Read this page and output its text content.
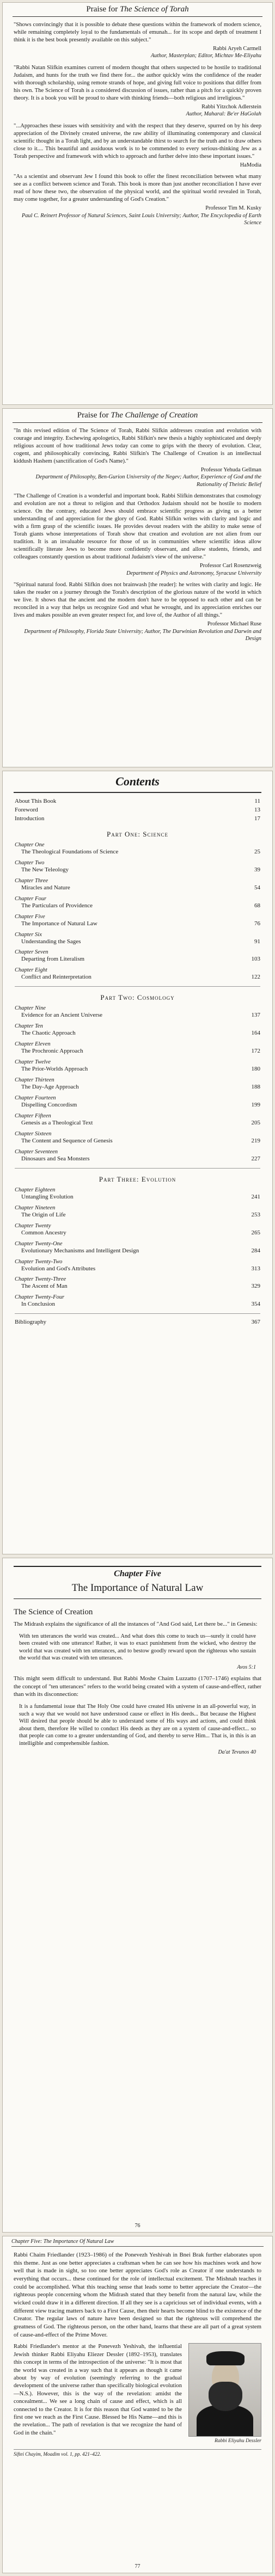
Praise for The Science of Torah

"Shows convincingly that it is possible to debate these questions within the framework of modern science, while remaining completely loyal to the fundamentals of emunah... for its scope and depth of treatment I think it is the best book presently available on this subject."

Rabbi Aryeh Carmell
Author, Masterplan; Editor, Michtav Me-Eliyahu

"Rabbi Natan Slifkin examines current of modern thought that others suspected to be hostile to traditional Judaism, and hunts for the truth we find there for... the author quickly wins the confidence of the reader with thorough scholarship, using remote strands of hope, and giving full voice to positions that differ from his own. The Science of Torah is a considered discussion of issues, rather than a pitch for a quickly proven theory. It is a book you will be proud to share with thinking friends—both religious and irreligious."

Rabbi Yitzchok Adlerstein
Author, Maharal: Be'er HaGolah

"...Approaches these issues with sensitivity and with the respect that they deserve, spurred on by his deep appreciation of the Divinely created universe, the raw ability of illuminating contemporary and classical scientific thought in a Torah light, and by an understandable thirst to search for the truth and to draw others close to it.... This beautiful and assiduous work is to be commended to every serious-thinking Jew as a Torah perspective and framework with which to approach and further delve into these important issues."

HaModia

"As a scientist and observant Jew I found this book to offer the finest reconciliation between what many see as a conflict between science and Torah. This book is more than just another reconciliation I have ever read of how these two, the observation of the physical world, and the spiritual world revealed in Torah, may come together, for a greater understanding of God's Creation."

Professor Tim M. Kusky
Paul C. Reinert Professor of Natural Sciences, Saint Louis University; Author, The Encyclopedia of Earth Science
Praise for The Challenge of Creation

"In this revised edition of The Science of Torah, Rabbi Slifkin addresses creation and evolution with courage and integrity. Eschewing apologetics, Rabbi Slifkin's new thesis a highly sophisticated and deeply religious account of how traditional Jews today can come to grips with the theory of evolution. Clear, cogent, and philosophically convincing, Rabbi Slifkin's The Challenge of Creation is an intellectual kiddush Hashem (sanctification of God's Name)."

Professor Yehuda Gellman
Department of Philosophy, Ben-Gurion University of the Negev; Author, Experience of God and the Rationality of Theistic Belief

"The Challenge of Creation is a wonderful and important book. Rabbi Slifkin demonstrates that cosmology and evolution are not a threat to religion and that Orthodox Judaism should not be hostile to modern science. On the contrary, educated Jews should embrace scientific progress as giving us a better understanding of and appreciation for the glory of God. Rabbi Slifkin writes with clarity and logic and with a firm grasp of the scientific issues. He provides devout readers with the ability to make sense of Torah giants whose interpretations of Torah show that creation and evolution are not alien from our tradition. It is an invaluable resource for those of us in communities where scientific ideas allow scientifically literate Jews to become more confidently observant, and allow students, friends, and colleagues constantly question us about traditional Judaism's view of the universe."

Professor Carl Rosenzweig
Department of Physics and Astronomy, Syracuse University

"Spiritual natural food. Rabbi Slifkin does not brainwash [the reader]: he writes with clarity and logic. He takes the reader on a journey through the Torah's description of the glorious nature of the world in which we live. It shows that the ancient and the modern don't have to be opposed to each other and can be reconciled in a way that helps us recognize God and what he wrought, and its appreciation enriches our lives and makes possible an even greater respect for, and love of, the Author of all things."

Professor Michael Ruse
Department of Philosophy, Florida State University; Author, The Darwinian Revolution and Darwin and Design
Contents
About This Book	11
Foreword	13
Introduction	17
Part One: Science
Chapter One
The Theological Foundations of Science	25
Chapter Two
The New Teleology	39
Chapter Three
Miracles and Nature	54
Chapter Four
The Particulars of Providence	68
Chapter Five
The Importance of Natural Law	76
Chapter Six
Understanding the Sages	91
Chapter Seven
Departing from Literalism	103
Chapter Eight
Conflict and Reinterpretation	122
Part Two: Cosmology
Chapter Nine
Evidence for an Ancient Universe	137
Chapter Ten
The Chaotic Approach	164
Chapter Eleven
The Prochronic Approach	172
Chapter Twelve
The Prior-Worlds Approach	180
Chapter Thirteen
The Day-Age Approach	188
Chapter Fourteen
Dispelling Concordism	199
Chapter Fifteen
Genesis as a Theological Text	205
Chapter Sixteen
The Content and Sequence of Genesis	219
Chapter Seventeen
Dinosaurs and Sea Monsters	227
Part Three: Evolution
Chapter Eighteen
Untangling Evolution	241
Chapter Nineteen
The Origin of Life	253
Chapter Twenty
Common Ancestry	265
Chapter Twenty-One
Evolutionary Mechanisms and Intelligent Design	284
Chapter Twenty-Two
Evolution and God's Attributes	313
Chapter Twenty-Three
The Ascent of Man	329
Chapter Twenty-Four
In Conclusion	354
Bibliography	367
Chapter Five
The Importance of Natural Law
The Science of Creation

The Midrash explains the significance of all the instances of "And God said, Let there be..." in Genesis:

With ten utterances the world was created... And what does this come to teach us—surely it could have been created with one utterance! Rather, it was to exact punishment from the wicked, who destroy the world that was created with ten utterances, and to bestow goodly reward upon the righteous who sustain the world that was created with ten utterances.

Avos 5:1

This might seem difficult to understand. But Rabbi Moshe Chaim Luzzatto (1707–1746) explains that the concept of "ten utterances" refers to the world being created with a system of cause-and-effect, rather than with its disconnection:

It is a fundamental issue that The Holy One could have created His universe in an all-powerful way, in such a way that we would not have understood cause or effect in His deeds... But because the Highest Will desired that people should be able to understand some of His ways and actions, and could think about them, therefore He willed to conduct His deeds as they are on a system of cause-and-effect... so that people can come to a greater understanding of God, and thereby to serve Him... That is, in this is an intelligible and comprehensible fashion.

Da'at Tevunos 40
76
Chapter Five: The Importance Of Natural Law

Rabbi Chaim Friedlander (1923–1986) of the Ponevezh Yeshivah in Bnei Brak further elaborates upon this theme. Just as one better appreciates a craftsman when he can see how his machines work and how well that is made in sight, so too one better appreciates God's role as Creator if one understands to everything that occurs... these continued for the role of intellectual excitement. The Mishnah teaches it could be accomplished. What this teaching sense that leads some to better appreciate the Creator—the righteous people concerning whom the Midrash stated that they benefit from the natural law, while the wicked could draw it in a different direction. If all they see is a capricious set of individual events, with a different view tracing matters back to a First Cause, then their hearts become blind to the existence of the Creator. The regular laws of nature have been designed so that the righteous will comprehend the greatness of God. The righteous person, on the other hand, learns that these are all part of a great system of cause-and-effect of the Prime Mover.

Rabbi Friedlander's mentor at the Ponevezh Yeshivah, the influential Jewish thinker Rabbi Eliyahu Eliezer Dessler (1892–1953), translates this concept in terms of the introspection of the universe: "It is most that the world was created in a way such that it appears as though it came about by way of evolution (seemingly referring to the gradual development of the universe rather than specifically biological evolution—N.S.). However, this is the way of the revelation: amidst the concealment... We see a long chain of cause and effect, which is all connected to the Creator. It is for this reason that God wanted to be the first one we reach as the First Cause. Blessed be His Name—and this is the revelation... The path of revelation is that we recognize the hand of God in the chain."
Rabbi Eliyahu Dessler
Siftei Chayim, Moadim vol. 1, pp. 421–422.
77
